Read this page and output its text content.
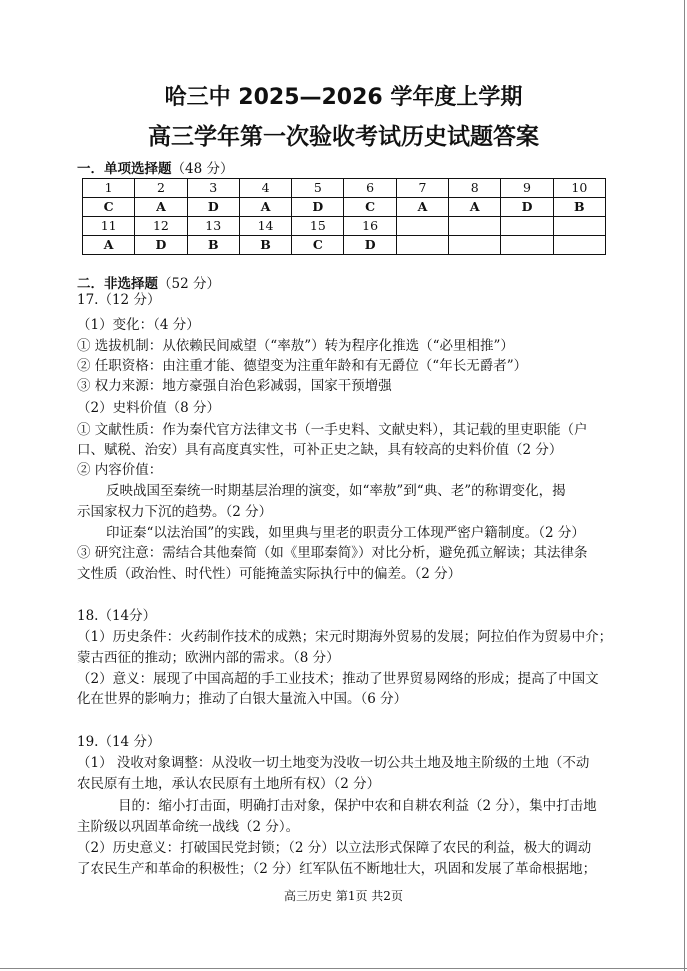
哈三中 2025—2026 学年度上学期
高三学年第一次验收考试历史试题答案
一．单项选择题（48 分）
1	2	3	4	5	6	7	8	9	10
C	A	D	A	D	C	A	A	D	B
11	12	13	14	15	16				
A	D	B	B	C	D				
二．非选择题（52 分）
17.（12 分）
（1）变化：（4 分）
① 选拔机制：从依赖民间威望（“率敖”）转为程序化推选（“必里相推”）
② 任职资格：由注重才能、德望变为注重年龄和有无爵位（“年长无爵者”）
③ 权力来源：地方豪强自治色彩减弱，国家干预增强
（2）史料价值（8 分）
① 文献性质：作为秦代官方法律文书（一手史料、文献史料），其记载的里吏职能（户
口、赋税、治安）具有高度真实性，可补正史之缺，具有较高的史料价值（2 分）
② 内容价值：
反映战国至秦统一时期基层治理的演变，如“率敖”到“典、老”的称谓变化，揭
示国家权力下沉的趋势。（2 分）
印证秦“以法治国”的实践，如里典与里老的职责分工体现严密户籍制度。（2 分）
③ 研究注意：需结合其他秦简（如《里耶秦简》）对比分析，避免孤立解读；其法律条
文性质（政治性、时代性）可能掩盖实际执行中的偏差。（2 分）
18.（14分）
（1）历史条件：火药制作技术的成熟；宋元时期海外贸易的发展；阿拉伯作为贸易中介；
蒙古西征的推动；欧洲内部的需求。（8 分）
（2）意义：展现了中国高超的手工业技术；推动了世界贸易网络的形成；提高了中国文
化在世界的影响力；推动了白银大量流入中国。（6 分）
19.（14 分）
（1） 没收对象调整：从没收一切土地变为没收一切公共土地及地主阶级的土地（不动
农民原有土地，承认农民原有土地所有权）（2 分）
目的：缩小打击面，明确打击对象，保护中农和自耕农利益（2 分），集中打击地
主阶级以巩固革命统一战线（2 分）。
（2）历史意义：打破国民党封锁；（2 分）以立法形式保障了农民的利益，极大的调动
了农民生产和革命的积极性；（2 分）红军队伍不断地壮大，巩固和发展了革命根据地；
高三历史 第1页 共2页
